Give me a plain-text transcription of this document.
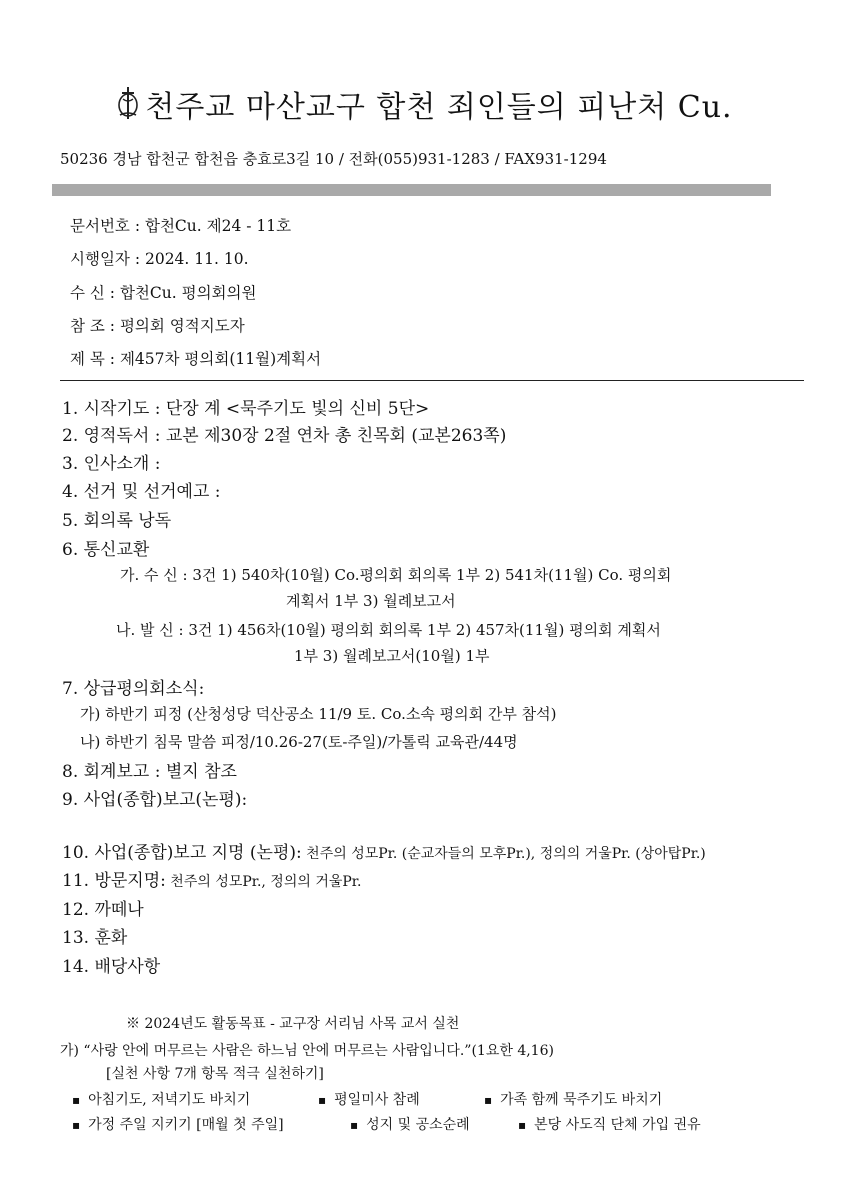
천주교 마산교구 합천 죄인들의 피난처 Cu.
50236 경남 합천군 합천읍 충효로3길 10 / 전화(055)931-1283 / FAX931-1294
문서번호 : 합천Cu. 제24 - 11호
시행일자 : 2024. 11. 10.
수 신 : 합천Cu. 평의회의원
참 조 : 평의회 영적지도자
제 목 : 제457차 평의회(11월)계획서
1. 시작기도 : 단장 계 <묵주기도 빛의 신비 5단>
2. 영적독서 : 교본 제30장 2절 연차 총 친목회 (교본263쪽)
3. 인사소개 :
4. 선거 및 선거예고 :
5. 회의록 낭독
6. 통신교환
가. 수 신 : 3건 1) 540차(10월) Co.평의회 회의록 1부 2) 541차(11월) Co. 평의회
계획서 1부 3) 월례보고서
나. 발 신 : 3건 1) 456차(10월) 평의회 회의록 1부 2) 457차(11월) 평의회 계획서
1부 3) 월례보고서(10월) 1부
7. 상급평의회소식:
가) 하반기 피정 (산청성당 덕산공소 11/9 토. Co.소속 평의회 간부 참석)
나) 하반기 침묵 말씀 피정/10.26-27(토-주일)/가톨릭 교육관/44명
8. 회계보고 : 별지 참조
9. 사업(종합)보고(논평):
10. 사업(종합)보고 지명 (논평): 천주의 성모Pr. (순교자들의 모후Pr.), 정의의 거울Pr. (상아탑Pr.)
11. 방문지명: 천주의 성모Pr., 정의의 거울Pr.
12. 까떼나
13. 훈화
14. 배당사항
※ 2024년도 활동목표 - 교구장 서리님 사목 교서 실천
가) “사랑 안에 머무르는 사람은 하느님 안에 머무르는 사람입니다.”(1요한 4,16)
[실천 사항 7개 항목 적극 실천하기]
▪ 아침기도, 저녁기도 바치기	▪ 평일미사 참례	▪ 가족 함께 묵주기도 바치기
▪ 가정 주일 지키기 [매월 첫 주일]	▪ 성지 및 공소순례	▪ 본당 사도직 단체 가입 권유
